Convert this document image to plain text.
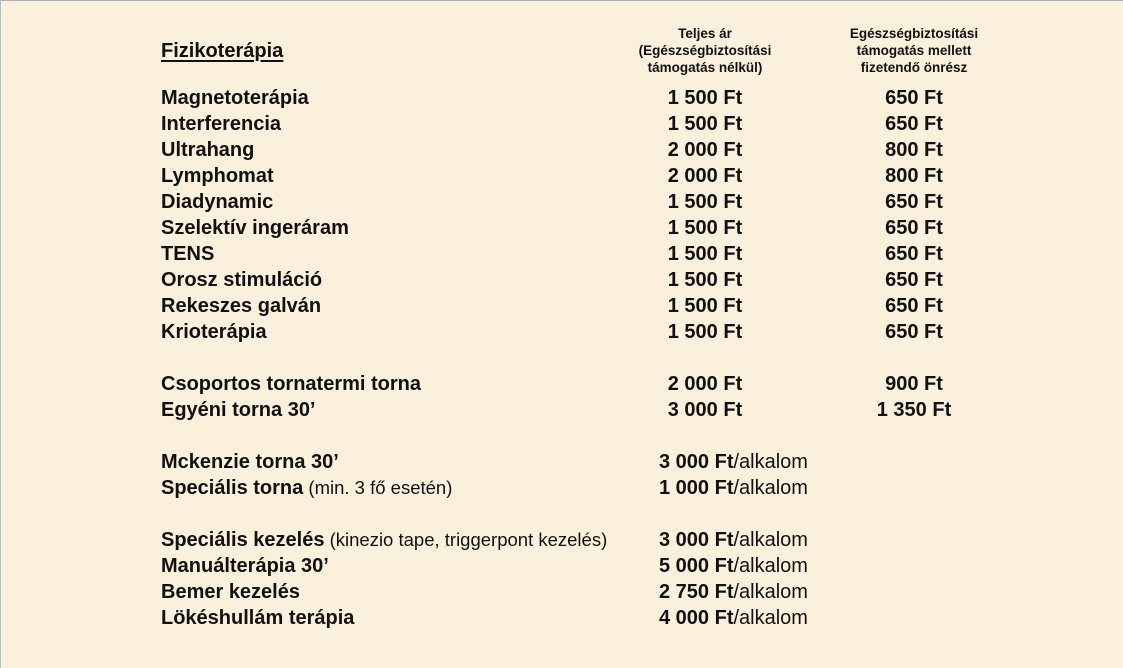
Fizikoterápia
Teljes ár
(Egészségbiztosítási
támogatás nélkül)
Egészségbiztosítási
támogatás mellett
fizetendő önrész
Magnetoterápia	1 500 Ft	650 Ft
Interferencia	1 500 Ft	650 Ft
Ultrahang	2 000 Ft	800 Ft
Lymphomat	2 000 Ft	800 Ft
Diadynamic	1 500 Ft	650 Ft
Szelektív ingeráram	1 500 Ft	650 Ft
TENS	1 500 Ft	650 Ft
Orosz stimuláció	1 500 Ft	650 Ft
Rekeszes galván	1 500 Ft	650 Ft
Krioterápia	1 500 Ft	650 Ft
Csoportos tornatermi torna	2 000 Ft	900 Ft
Egyéni torna 30’	3 000 Ft	1 350 Ft
Mckenzie torna 30’	3 000 Ft/alkalom
Speciális torna (min. 3 fő esetén)	1 000 Ft/alkalom
Speciális kezelés (kinezio tape, triggerpont kezelés)	3 000 Ft/alkalom
Manuálterápia 30’	5 000 Ft/alkalom
Bemer kezelés	2 750 Ft/alkalom
Lökéshullám terápia	4 000 Ft/alkalom
